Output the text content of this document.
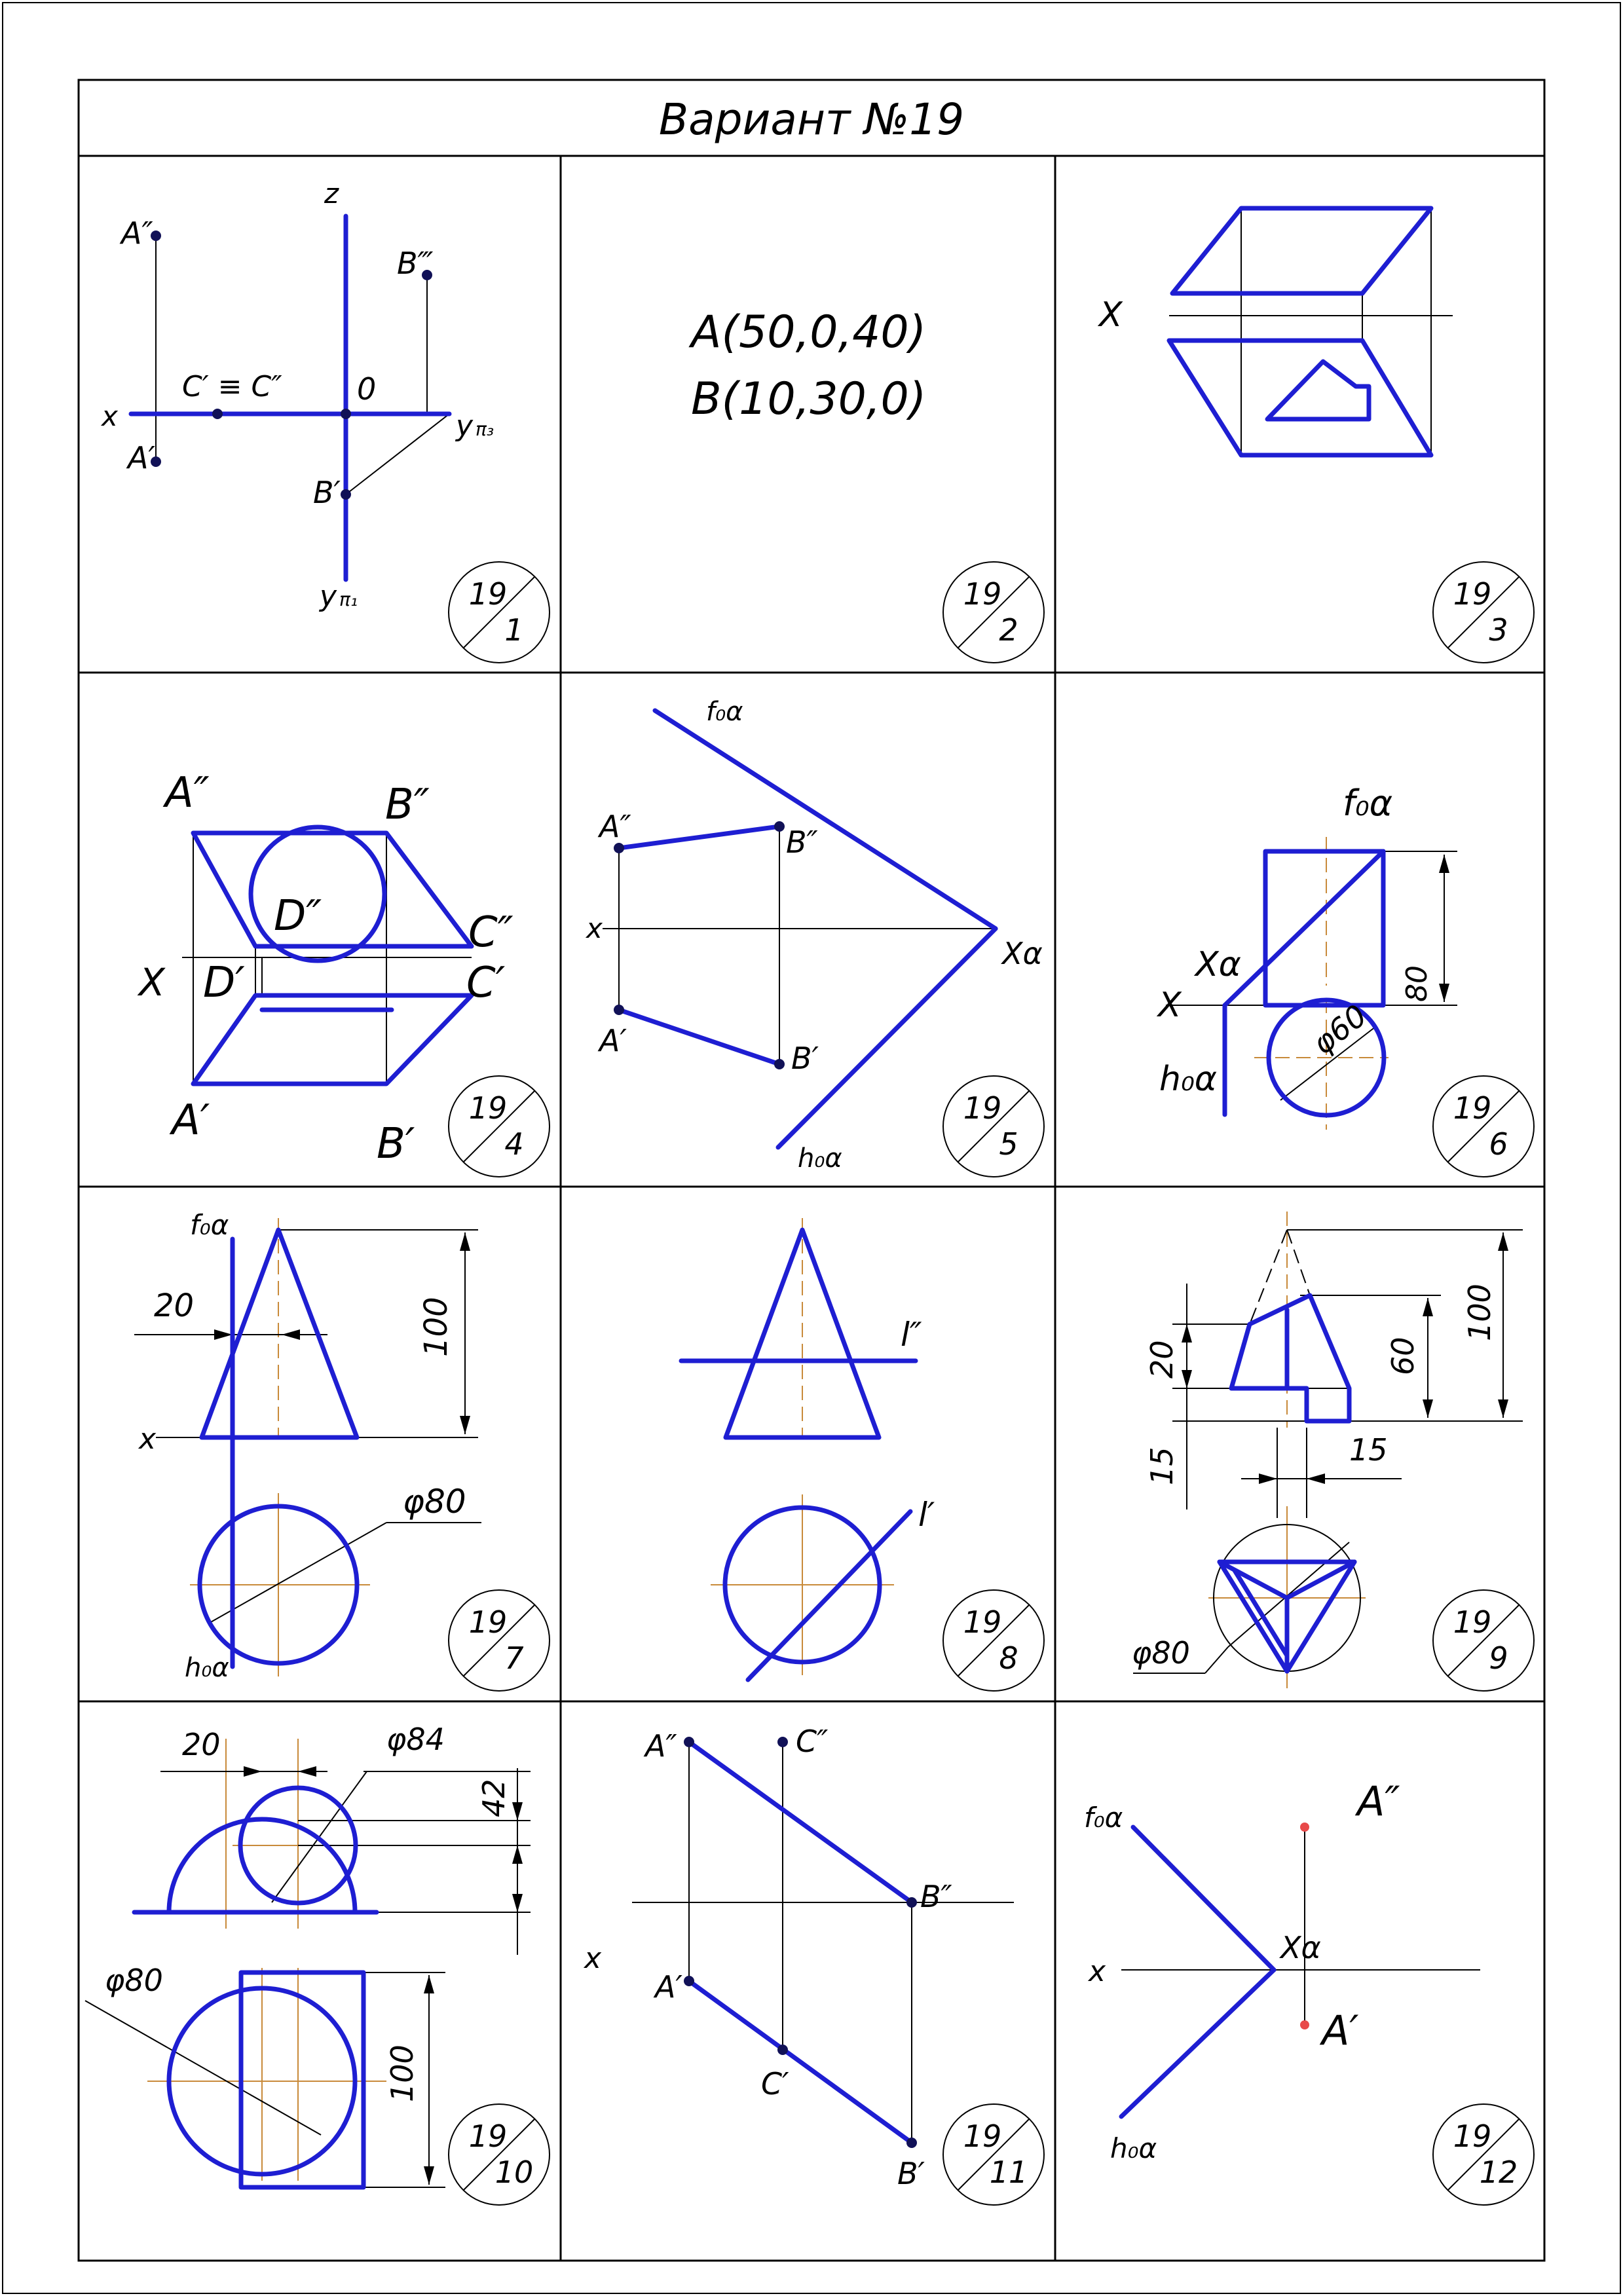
Вариант №19
z
A″
B‴
C′ ≡ C″ 0
x
A′
B′
yπ₃
yπ₁	19
1
A(50,0,40)
B(10,30,0)
19
2
X
19
3
A″	B″
D″	C″
X D′	C′
A′	B′
19
4
f₀α
A″	B″
x
Xα
A′	B′
h₀α
19
5
f₀α
Xα
X
h₀α
φ60
80
19
6
f₀α
20	100
x
φ80
h₀α
19
7
l″
l′
19
8
20	60
100
15	15
φ80
19
9
20	φ84
42
φ80
100
19
10
A″	C″
B″
x
A′
C′
B′
19
11
f₀α	A″
x
Xα
A′
h₀α	19
12
